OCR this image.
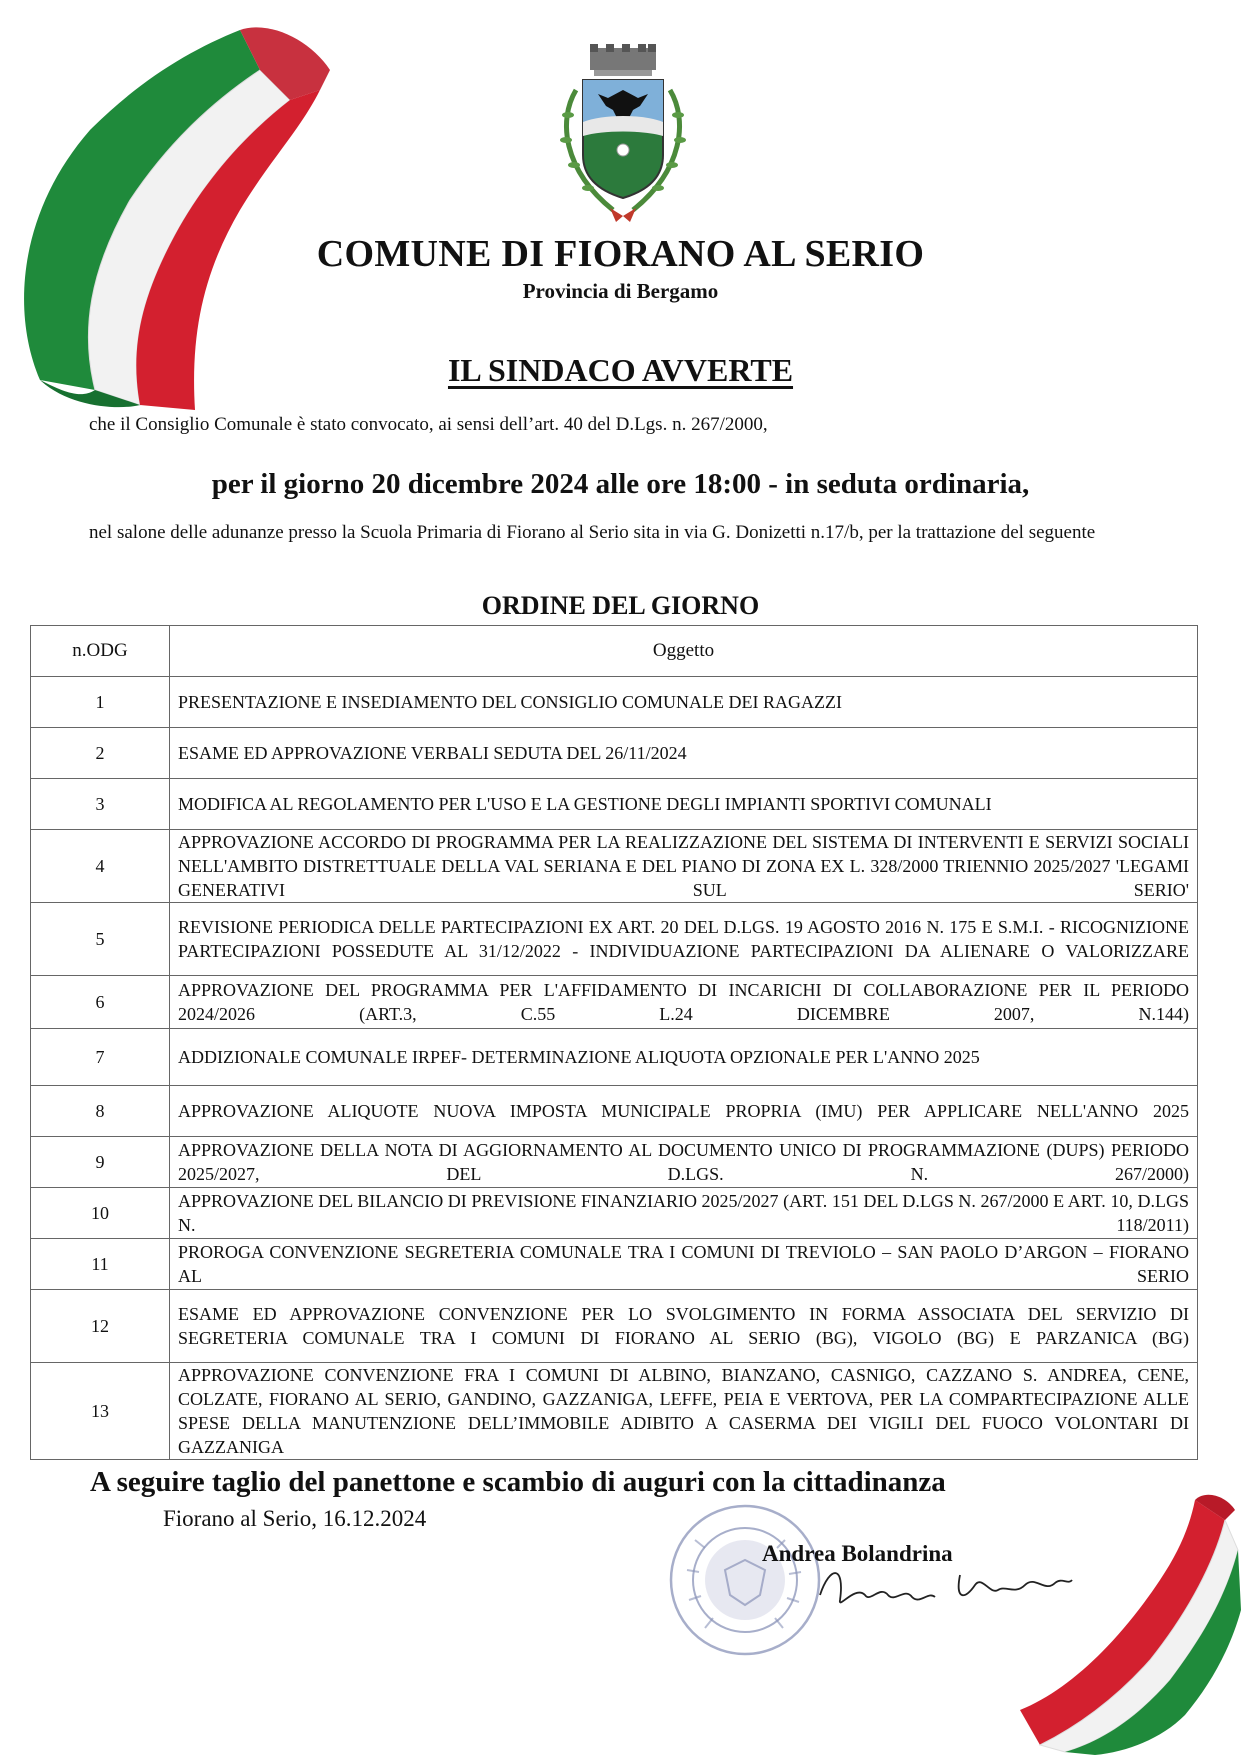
COMUNE DI FIORANO AL SERIO
Provincia di Bergamo
IL SINDACO AVVERTE
che il Consiglio Comunale è stato convocato, ai sensi dell’art. 40 del D.Lgs. n. 267/2000,
per il giorno 20 dicembre 2024 alle ore 18:00 - in seduta ordinaria,
nel salone delle adunanze presso la Scuola Primaria di Fiorano al Serio sita in via G. Donizetti n.17/b, per la trattazione del seguente
ORDINE DEL GIORNO
n.ODG	Oggetto
1	PRESENTAZIONE E INSEDIAMENTO DEL CONSIGLIO COMUNALE DEI RAGAZZI
2	ESAME ED APPROVAZIONE VERBALI SEDUTA DEL 26/11/2024
3	MODIFICA AL REGOLAMENTO PER L'USO E LA GESTIONE DEGLI IMPIANTI SPORTIVI COMUNALI
4	APPROVAZIONE ACCORDO DI PROGRAMMA PER LA REALIZZAZIONE DEL SISTEMA DI INTERVENTI E SERVIZI SOCIALI NELL'AMBITO DISTRETTUALE DELLA VAL SERIANA E DEL PIANO DI ZONA EX L. 328/2000 TRIENNIO 2025/2027 'LEGAMI GENERATIVI SUL SERIO'
5	REVISIONE PERIODICA DELLE PARTECIPAZIONI EX ART. 20 DEL D.LGS. 19 AGOSTO 2016 N. 175 E S.M.I. - RICOGNIZIONE PARTECIPAZIONI POSSEDUTE AL 31/12/2022 - INDIVIDUAZIONE PARTECIPAZIONI DA ALIENARE O VALORIZZARE
6	APPROVAZIONE DEL PROGRAMMA PER L'AFFIDAMENTO DI INCARICHI DI COLLABORAZIONE PER IL PERIODO 2024/2026 (ART.3, C.55 L.24 DICEMBRE 2007, N.144)
7	ADDIZIONALE COMUNALE IRPEF- DETERMINAZIONE ALIQUOTA OPZIONALE PER L'ANNO 2025
8	APPROVAZIONE ALIQUOTE NUOVA IMPOSTA MUNICIPALE PROPRIA (IMU) PER APPLICARE NELL'ANNO 2025
9	APPROVAZIONE DELLA NOTA DI AGGIORNAMENTO AL DOCUMENTO UNICO DI PROGRAMMAZIONE (DUPS) PERIODO 2025/2027, DEL D.LGS. N. 267/2000)
10	APPROVAZIONE DEL BILANCIO DI PREVISIONE FINANZIARIO 2025/2027 (ART. 151 DEL D.LGS N. 267/2000 E ART. 10, D.LGS N. 118/2011)
11	PROROGA CONVENZIONE SEGRETERIA COMUNALE TRA I COMUNI DI TREVIOLO – SAN PAOLO D’ARGON – FIORANO AL SERIO
12	ESAME ED APPROVAZIONE CONVENZIONE PER LO SVOLGIMENTO IN FORMA ASSOCIATA DEL SERVIZIO DI SEGRETERIA COMUNALE TRA I COMUNI DI FIORANO AL SERIO (BG), VIGOLO (BG) E PARZANICA (BG)
13	APPROVAZIONE CONVENZIONE FRA I COMUNI DI ALBINO, BIANZANO, CASNIGO, CAZZANO S. ANDREA, CENE, COLZATE, FIORANO AL SERIO, GANDINO, GAZZANIGA, LEFFE, PEIA E VERTOVA, PER LA COMPARTECIPAZIONE ALLE SPESE DELLA MANUTENZIONE DELL’IMMOBILE ADIBITO A CASERMA DEI VIGILI DEL FUOCO VOLONTARI DI GAZZANIGA
A seguire taglio del panettone e scambio di auguri con la cittadinanza
Fiorano al Serio, 16.12.2024
Andrea Bolandrina
